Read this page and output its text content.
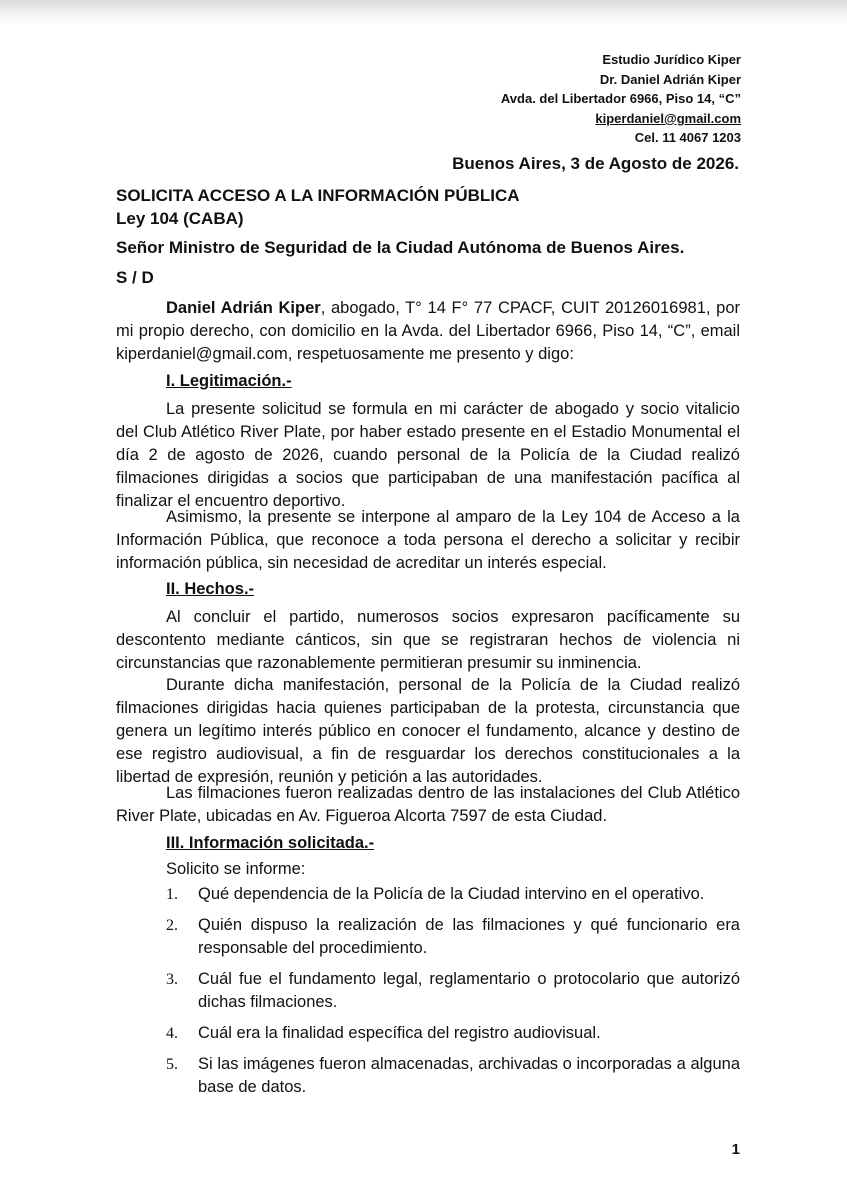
Estudio Jurídico Kiper
Dr. Daniel Adrián Kiper
Avda. del Libertador 6966, Piso 14, “C”
kiperdaniel@gmail.com
Cel. 11 4067 1203
Buenos Aires, 3 de Agosto de 2026.
SOLICITA ACCESO A LA INFORMACIÓN PÚBLICA
Ley 104 (CABA)
Señor Ministro de Seguridad de la Ciudad Autónoma de Buenos Aires.
S / D
Daniel Adrián Kiper, abogado, T° 14 F° 77 CPACF, CUIT 20126016981, por mi propio derecho, con domicilio en la Avda. del Libertador 6966, Piso 14, “C”, email kiperdaniel@gmail.com, respetuosamente me presento y digo:
I. Legitimación.-
La presente solicitud se formula en mi carácter de abogado y socio vitalicio del Club Atlético River Plate, por haber estado presente en el Estadio Monumental el día 2 de agosto de 2026, cuando personal de la Policía de la Ciudad realizó filmaciones dirigidas a socios que participaban de una manifestación pacífica al finalizar el encuentro deportivo.
Asimismo, la presente se interpone al amparo de la Ley 104 de Acceso a la Información Pública, que reconoce a toda persona el derecho a solicitar y recibir información pública, sin necesidad de acreditar un interés especial.
II. Hechos.-
Al concluir el partido, numerosos socios expresaron pacíficamente su descontento mediante cánticos, sin que se registraran hechos de violencia ni circunstancias que razonablemente permitieran presumir su inminencia.
Durante dicha manifestación, personal de la Policía de la Ciudad realizó filmaciones dirigidas hacia quienes participaban de la protesta, circunstancia que genera un legítimo interés público en conocer el fundamento, alcance y destino de ese registro audiovisual, a fin de resguardar los derechos constitucionales a la libertad de expresión, reunión y petición a las autoridades.
Las filmaciones fueron realizadas dentro de las instalaciones del Club Atlético River Plate, ubicadas en Av. Figueroa Alcorta 7597 de esta Ciudad.
III. Información solicitada.-
Solicito se informe:
1. Qué dependencia de la Policía de la Ciudad intervino en el operativo.
2. Quién dispuso la realización de las filmaciones y qué funcionario era responsable del procedimiento.
3. Cuál fue el fundamento legal, reglamentario o protocolario que autorizó dichas filmaciones.
4. Cuál era la finalidad específica del registro audiovisual.
5. Si las imágenes fueron almacenadas, archivadas o incorporadas a alguna base de datos.
1
